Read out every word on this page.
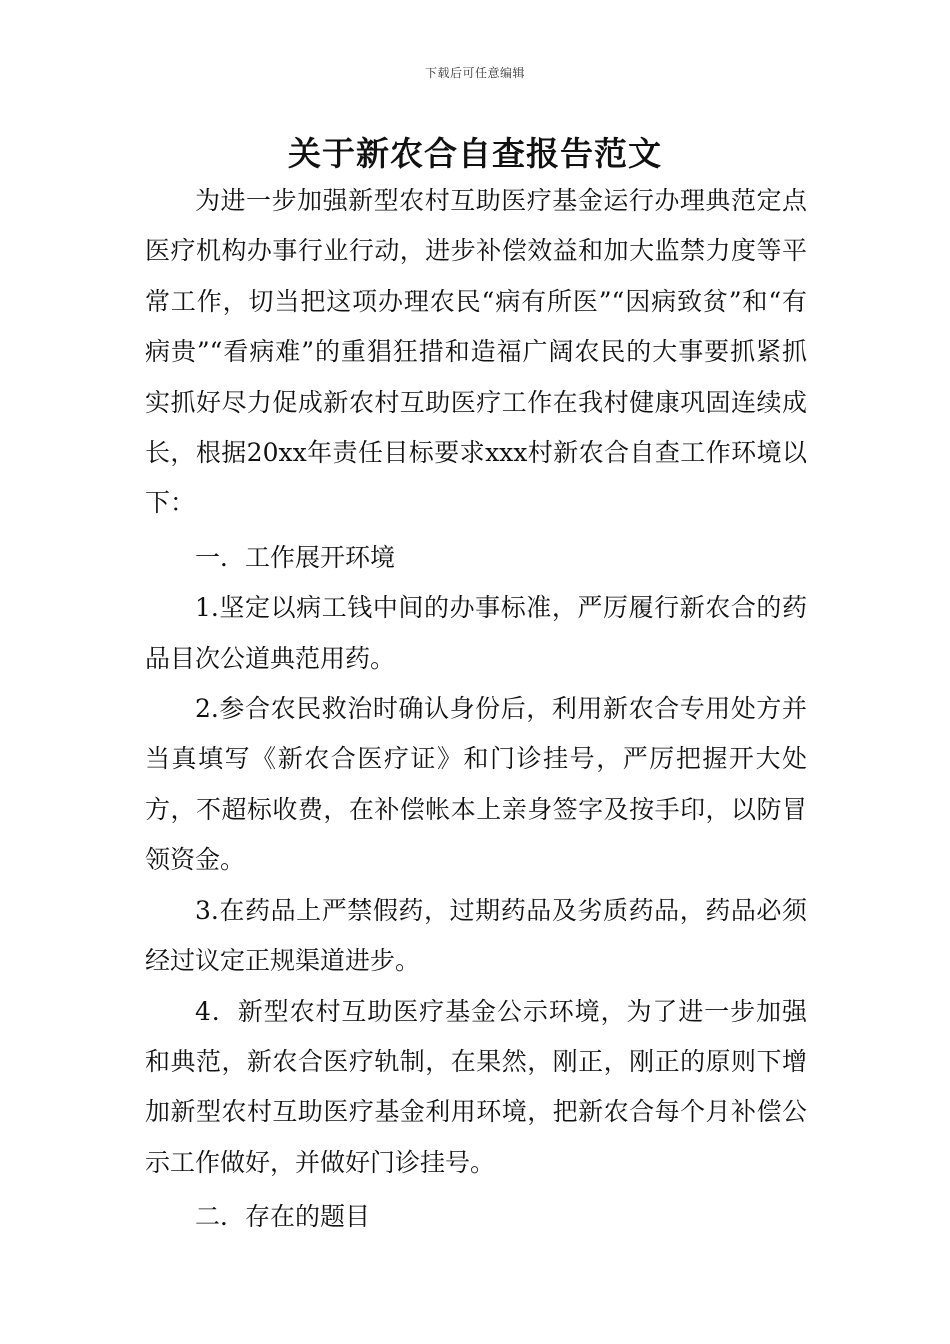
下载后可任意编辑
关于新农合自查报告范文

为进一步加强新型农村互助医疗基金运行办理典范定点医疗机构办事行业行动，进步补偿效益和加大监禁力度等平常工作，切当把这项办理农民“病有所医”“因病致贫”和“有病贵”“看病难”的重猖狂措和造福广阔农民的大事要抓紧抓实抓好尽力促成新农村互助医疗工作在我村健康巩固连续成长，根据20xx年责任目标要求xxx村新农合自查工作环境以下：

一．工作展开环境

1.坚定以病工钱中间的办事标准，严厉履行新农合的药品目次公道典范用药。

2.参合农民救治时确认身份后，利用新农合专用处方并当真填写《新农合医疗证》和门诊挂号，严厉把握开大处方，不超标收费，在补偿帐本上亲身签字及按手印，以防冒领资金。

3.在药品上严禁假药，过期药品及劣质药品，药品必须经过议定正规渠道进步。

4．新型农村互助医疗基金公示环境，为了进一步加强和典范，新农合医疗轨制，在果然，刚正，刚正的原则下增加新型农村互助医疗基金利用环境，把新农合每个月补偿公示工作做好，并做好门诊挂号。

二．存在的题目
